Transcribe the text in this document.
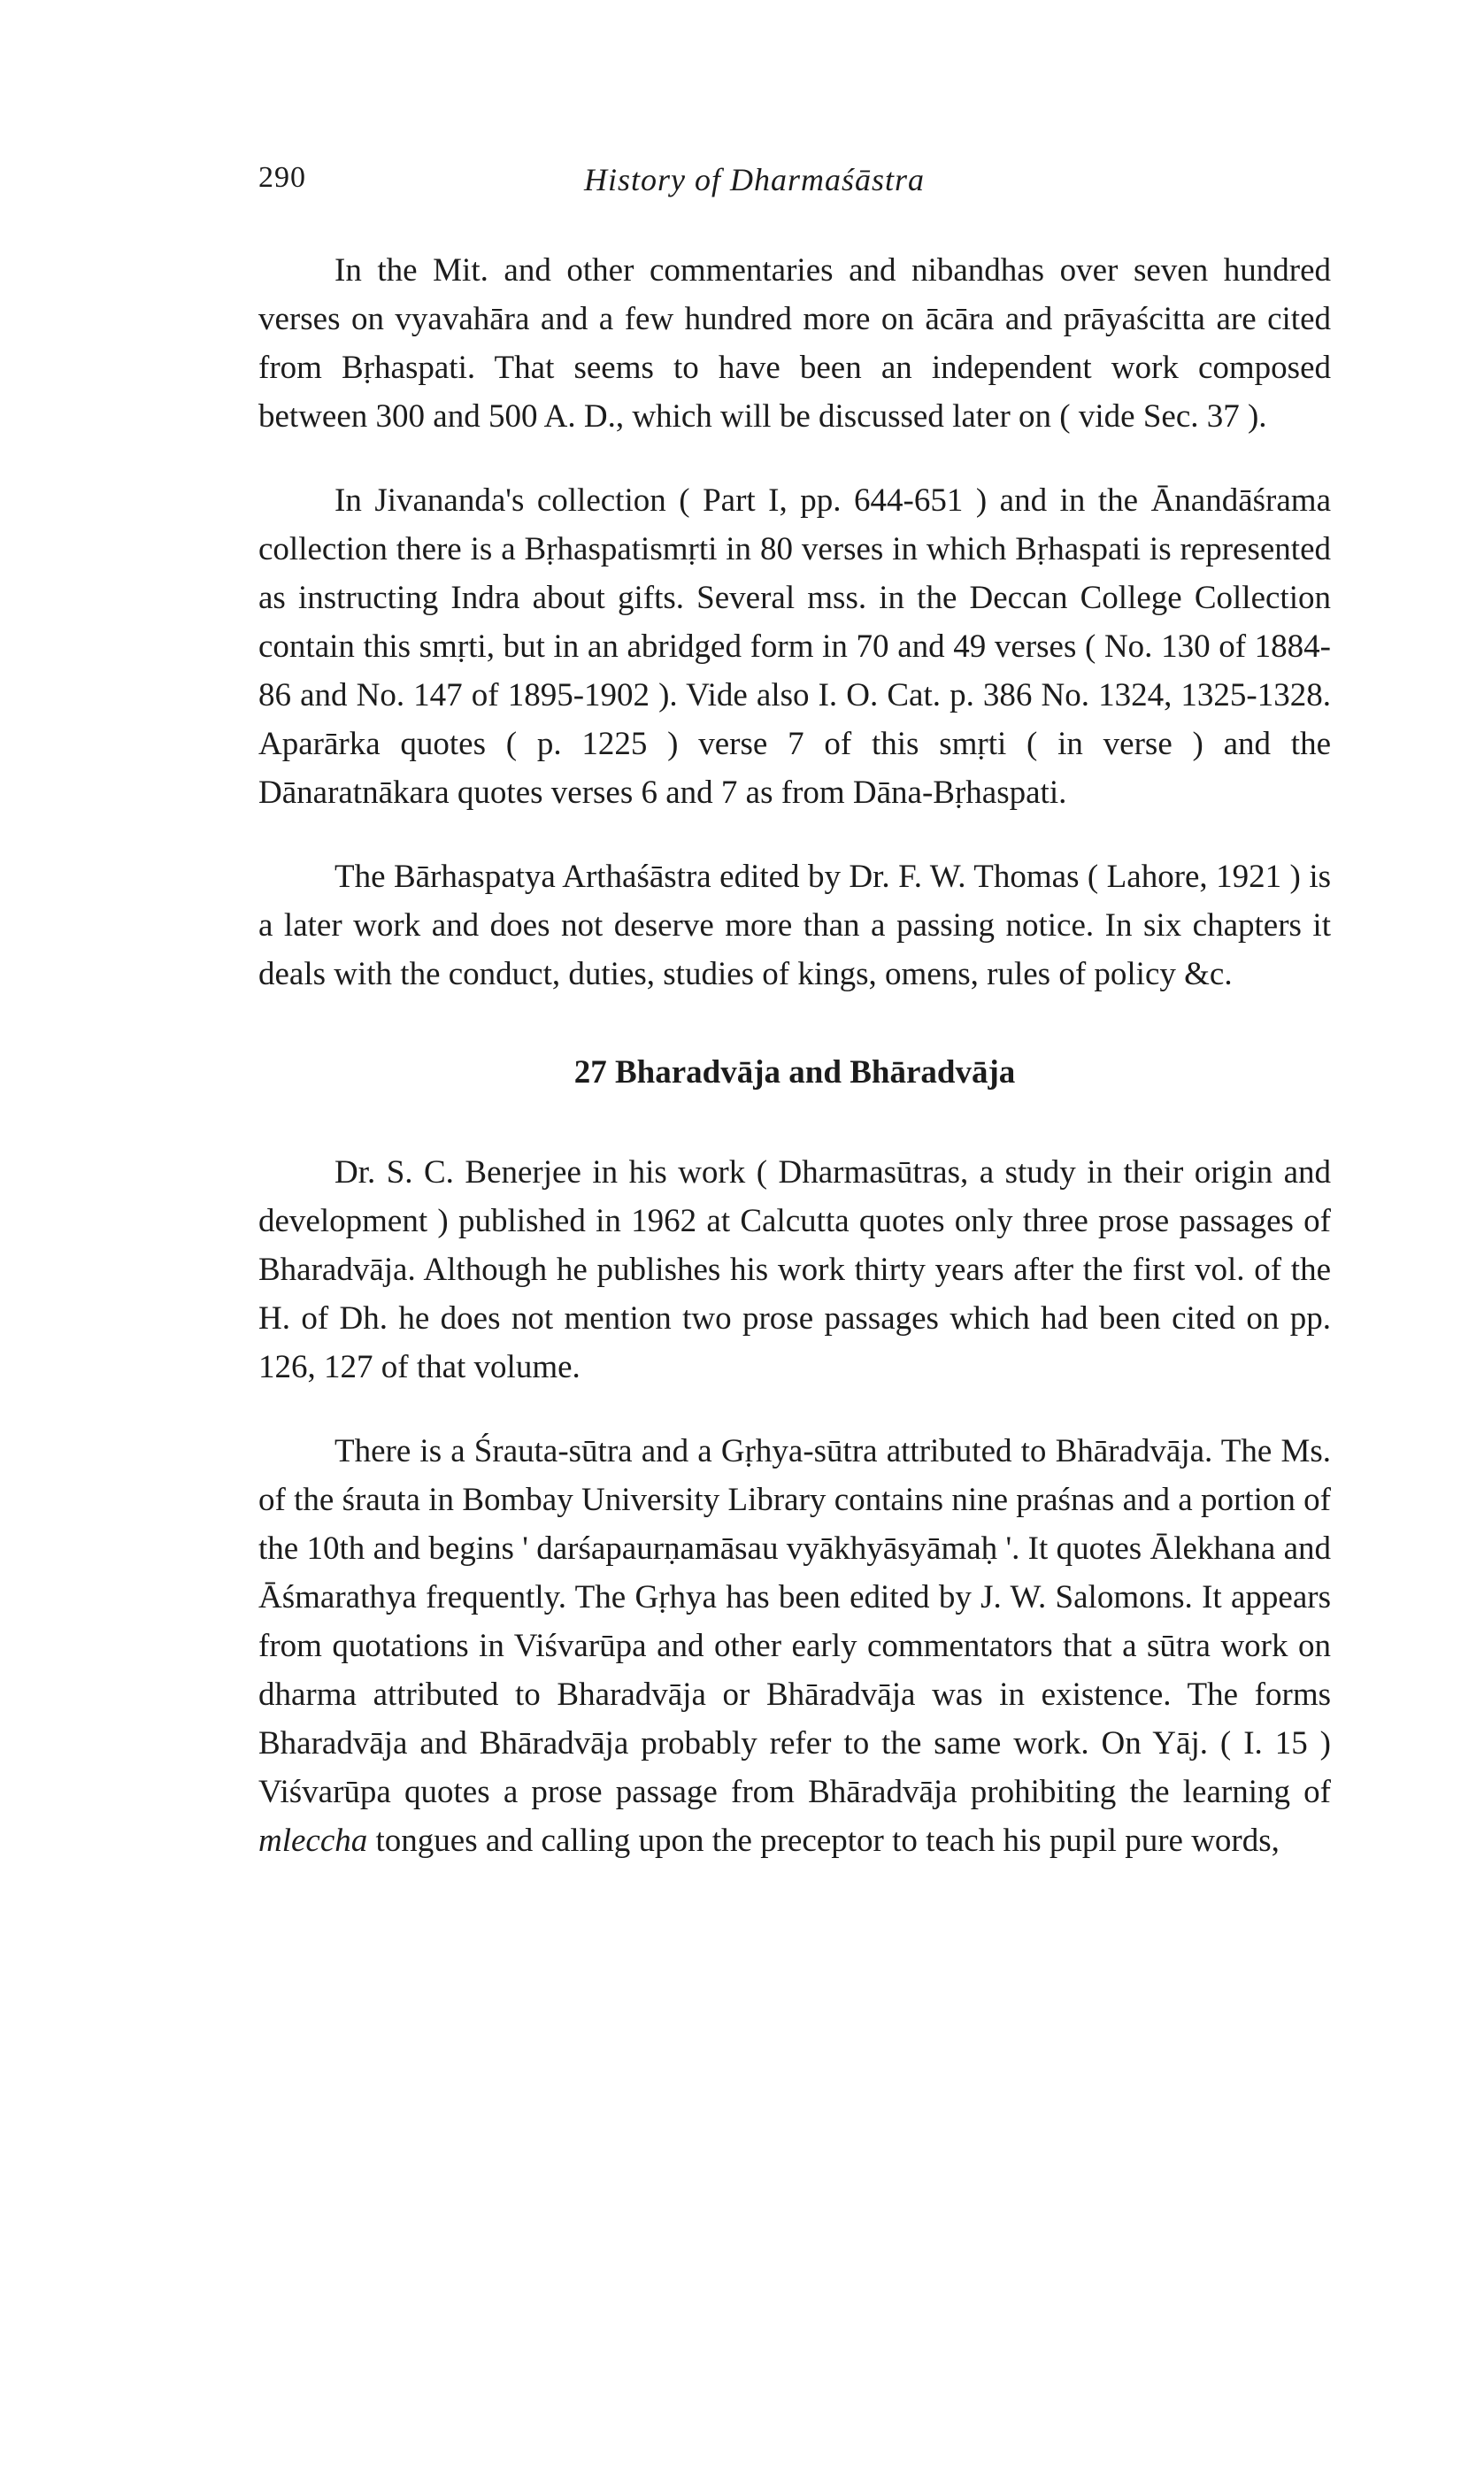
290	History of Dharmaśāstra

In the Mit. and other commentaries and nibandhas over seven hundred verses on vyavahāra and a few hundred more on ācāra and prāyaścitta are cited from Bṛhaspati. That seems to have been an independent work composed between 300 and 500 A. D., which will be discussed later on ( vide Sec. 37 ).

In Jivananda's collection ( Part I, pp. 644-651 ) and in the Ānandāśrama collection there is a Bṛhaspatismṛti in 80 verses in which Bṛhaspati is represented as instructing Indra about gifts. Several mss. in the Deccan College Collection contain this smṛti, but in an abridged form in 70 and 49 verses ( No. 130 of 1884-86 and No. 147 of 1895-1902 ). Vide also I. O. Cat. p. 386 No. 1324, 1325-1328. Aparārka quotes ( p. 1225 ) verse 7 of this smṛti ( in verse ) and the Dānaratnākara quotes verses 6 and 7 as from Dāna-Bṛhaspati.

The Bārhaspatya Arthaśāstra edited by Dr. F. W. Thomas ( Lahore, 1921 ) is a later work and does not deserve more than a passing notice. In six chapters it deals with the conduct, duties, studies of kings, omens, rules of policy &c.

27 Bharadvāja and Bhāradvāja

Dr. S. C. Benerjee in his work ( Dharmasūtras, a study in their origin and development ) published in 1962 at Calcutta quotes only three prose passages of Bharadvāja. Although he publishes his work thirty years after the first vol. of the H. of Dh. he does not mention two prose passages which had been cited on pp. 126, 127 of that volume.

There is a Śrauta-sūtra and a Gṛhya-sūtra attributed to Bhāradvāja. The Ms. of the śrauta in Bombay University Library contains nine praśnas and a portion of the 10th and begins ' darśapaurṇamāsau vyākhyāsyāmaḥ '. It quotes Ālekhana and Āśmarathya frequently. The Gṛhya has been edited by J. W. Salomons. It appears from quotations in Viśvarūpa and other early commentators that a sūtra work on dharma attributed to Bharadvāja or Bhāradvāja was in existence. The forms Bharadvāja and Bhāradvāja probably refer to the same work. On Yāj. ( I. 15 ) Viśvarūpa quotes a prose passage from Bhāradvāja prohibiting the learning of mleccha tongues and calling upon the preceptor to teach his pupil pure words,
